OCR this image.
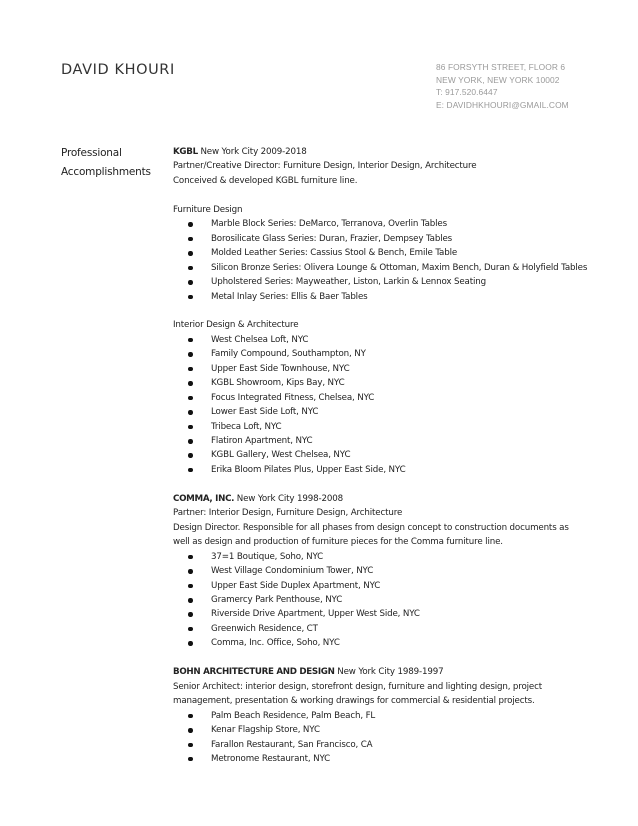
DAVID KHOURI	86 FORSYTH STREET, FLOOR 6
NEW YORK, NEW YORK 10002
T: 917.520.6447
E: DAVIDHKHOURI@GMAIL.COM
Professional
Accomplishments
KGBL New York City 2009-2018
Partner/Creative Director: Furniture Design, Interior Design, Architecture
Conceived & developed KGBL furniture line.
Furniture Design
Marble Block Series: DeMarco, Terranova, Overlin Tables
Borosilicate Glass Series: Duran, Frazier, Dempsey Tables
Molded Leather Series: Cassius Stool & Bench, Emile Table
Silicon Bronze Series: Olivera Lounge & Ottoman, Maxim Bench, Duran & Holyfield Tables
Upholstered Series: Mayweather, Liston, Larkin & Lennox Seating
Metal Inlay Series: Ellis & Baer Tables
Interior Design & Architecture
West Chelsea Loft, NYC
Family Compound, Southampton, NY
Upper East Side Townhouse, NYC
KGBL Showroom, Kips Bay, NYC
Focus Integrated Fitness, Chelsea, NYC
Lower East Side Loft, NYC
Tribeca Loft, NYC
Flatiron Apartment, NYC
KGBL Gallery, West Chelsea, NYC
Erika Bloom Pilates Plus, Upper East Side, NYC
COMMA, INC. New York City 1998-2008
Partner: Interior Design, Furniture Design, Architecture
Design Director. Responsible for all phases from design concept to construction documents as
well as design and production of furniture pieces for the Comma furniture line.
37=1 Boutique, Soho, NYC
West Village Condominium Tower, NYC
Upper East Side Duplex Apartment, NYC
Gramercy Park Penthouse, NYC
Riverside Drive Apartment, Upper West Side, NYC
Greenwich Residence, CT
Comma, Inc. Office, Soho, NYC
BOHN ARCHITECTURE AND DESIGN New York City 1989-1997
Senior Architect: interior design, storefront design, furniture and lighting design, project
management, presentation & working drawings for commercial & residential projects.
Palm Beach Residence, Palm Beach, FL
Kenar Flagship Store, NYC
Farallon Restaurant, San Francisco, CA
Metronome Restaurant, NYC
